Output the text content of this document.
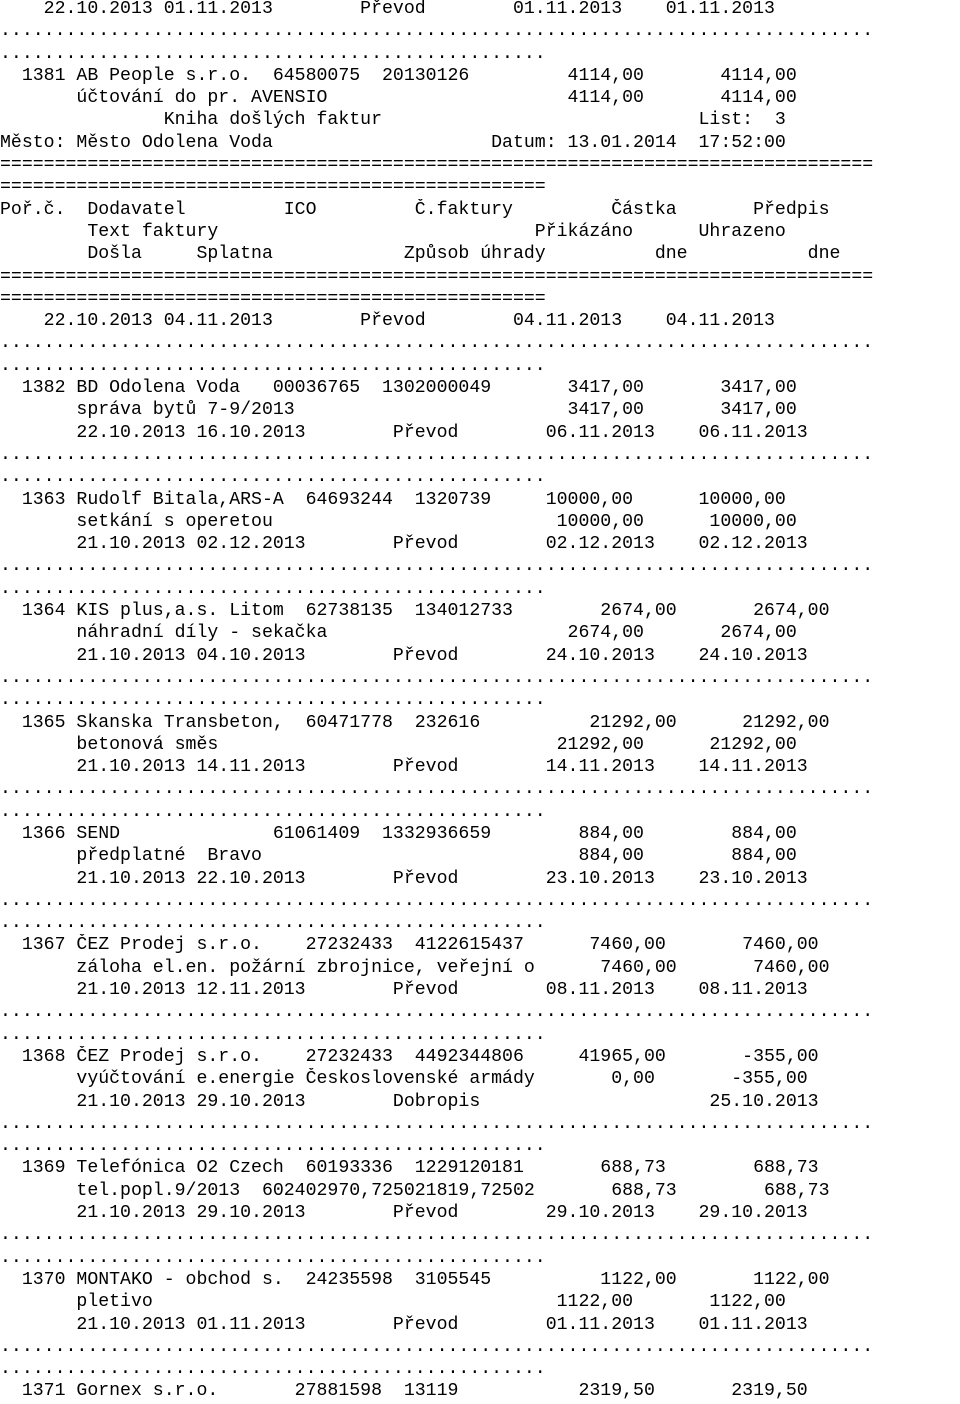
22.10.2013 01.11.2013        Převod        01.11.2013    01.11.2013
................................................................................
..................................................
1381 AB People s.r.o.  64580075  20130126         4114,00       4114,00
účtování do pr. AVENSIO                      4114,00       4114,00
Kniha došlých faktur                             List:  3
Město: Město Odolena Voda                    Datum: 13.01.2014  17:52:00
================================================================================
==================================================
Poř.č.  Dodavatel         ICO         Č.faktury         Částka       Předpis
Text faktury                             Přikázáno      Uhrazeno
Došla     Splatna            Způsob úhrady          dne           dne
================================================================================
==================================================
22.10.2013 04.11.2013        Převod        04.11.2013    04.11.2013
................................................................................
..................................................
1382 BD Odolena Voda   00036765  1302000049       3417,00       3417,00
správa bytů 7-9/2013                         3417,00       3417,00
22.10.2013 16.10.2013        Převod        06.11.2013    06.11.2013
................................................................................
..................................................
1363 Rudolf Bitala,ARS-A  64693244  1320739     10000,00      10000,00
setkání s operetou                          10000,00      10000,00
21.10.2013 02.12.2013        Převod        02.12.2013    02.12.2013
................................................................................
..................................................
1364 KIS plus,a.s. Litom  62738135  134012733        2674,00       2674,00
náhradní díly - sekačka                      2674,00       2674,00
21.10.2013 04.10.2013        Převod        24.10.2013    24.10.2013
................................................................................
..................................................
1365 Skanska Transbeton,  60471778  232616          21292,00      21292,00
betonová směs                               21292,00      21292,00
21.10.2013 14.11.2013        Převod        14.11.2013    14.11.2013
................................................................................
..................................................
1366 SEND              61061409  1332936659        884,00        884,00
předplatné  Bravo                             884,00        884,00
21.10.2013 22.10.2013        Převod        23.10.2013    23.10.2013
................................................................................
..................................................
1367 ČEZ Prodej s.r.o.    27232433  4122615437      7460,00       7460,00
záloha el.en. požární zbrojnice, veřejní o      7460,00       7460,00
21.10.2013 12.11.2013        Převod        08.11.2013    08.11.2013
................................................................................
..................................................
1368 ČEZ Prodej s.r.o.    27232433  4492344806     41965,00       -355,00
vyúčtování e.energie Československé armády       0,00       -355,00
21.10.2013 29.10.2013        Dobropis                     25.10.2013
................................................................................
..................................................
1369 Telefónica O2 Czech  60193336  1229120181       688,73        688,73
tel.popl.9/2013  602402970,725021819,72502       688,73        688,73
21.10.2013 29.10.2013        Převod        29.10.2013    29.10.2013
................................................................................
..................................................
1370 MONTAKO - obchod s.  24235598  3105545          1122,00       1122,00
pletivo                                     1122,00       1122,00
21.10.2013 01.11.2013        Převod        01.11.2013    01.11.2013
................................................................................
..................................................
1371 Gornex s.r.o.       27881598  13119           2319,50       2319,50
